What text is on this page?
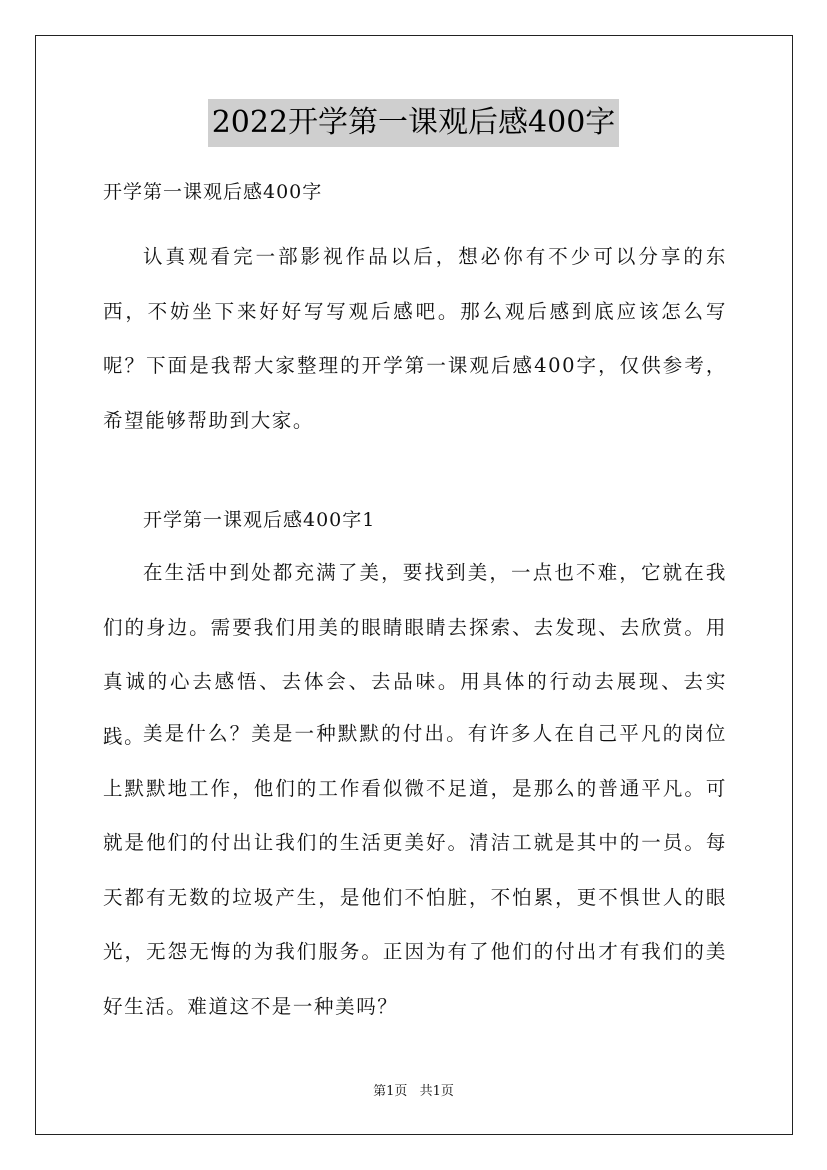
2022开学第一课观后感400字
开学第一课观后感400字

认真观看完一部影视作品以后，想必你有不少可以分享的东西，不妨坐下来好好写写观后感吧。那么观后感到底应该怎么写呢？下面是我帮大家整理的开学第一课观后感400字，仅供参考，希望能够帮助到大家。

开学第一课观后感400字1

在生活中到处都充满了美，要找到美，一点也不难，它就在我们的身边。需要我们用美的眼睛眼睛去探索、去发现、去欣赏。用真诚的心去感悟、去体会、去品味。用具体的行动去展现、去实践。

美是什么？美是一种默默的付出。有许多人在自己平凡的岗位上默默地工作，他们的工作看似微不足道，是那么的普通平凡。可就是他们的付出让我们的生活更美好。清洁工就是其中的一员。每天都有无数的垃圾产生，是他们不怕脏，不怕累，更不惧世人的眼光，无怨无悔的为我们服务。正因为有了他们的付出才有我们的美好生活。难道这不是一种美吗？

第1页 共1页
